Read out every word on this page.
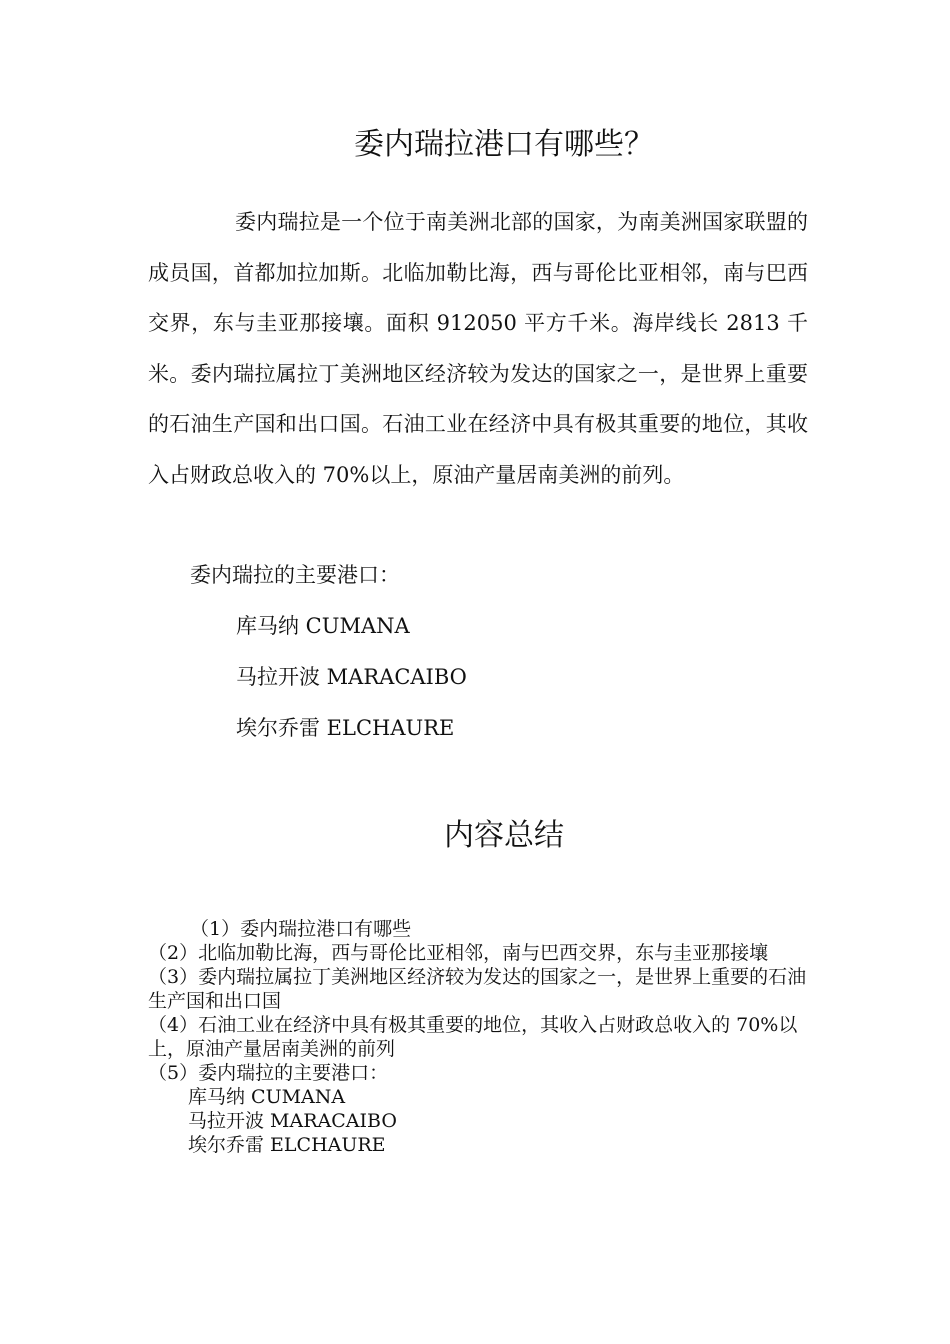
委内瑞拉港口有哪些？

委内瑞拉是一个位于南美洲北部的国家，为南美洲国家联盟的成员国，首都加拉加斯。北临加勒比海，西与哥伦比亚相邻，南与巴西交界，东与圭亚那接壤。面积 912050 平方千米。海岸线长 2813 千米。委内瑞拉属拉丁美洲地区经济较为发达的国家之一，是世界上重要的石油生产国和出口国。石油工业在经济中具有极其重要的地位，其收入占财政总收入的 70%以上，原油产量居南美洲的前列。

委内瑞拉的主要港口：

库马纳 CUMANA
马拉开波 MARACAIBO
埃尔乔雷 ELCHAURE
内容总结

（1）委内瑞拉港口有哪些

（2）北临加勒比海，西与哥伦比亚相邻，南与巴西交界，东与圭亚那接壤

（3）委内瑞拉属拉丁美洲地区经济较为发达的国家之一，是世界上重要的石油生产国和出口国

（4）石油工业在经济中具有极其重要的地位，其收入占财政总收入的 70%以上，原油产量居南美洲的前列

（5）委内瑞拉的主要港口：

库马纳 CUMANA

马拉开波 MARACAIBO

埃尔乔雷 ELCHAURE
